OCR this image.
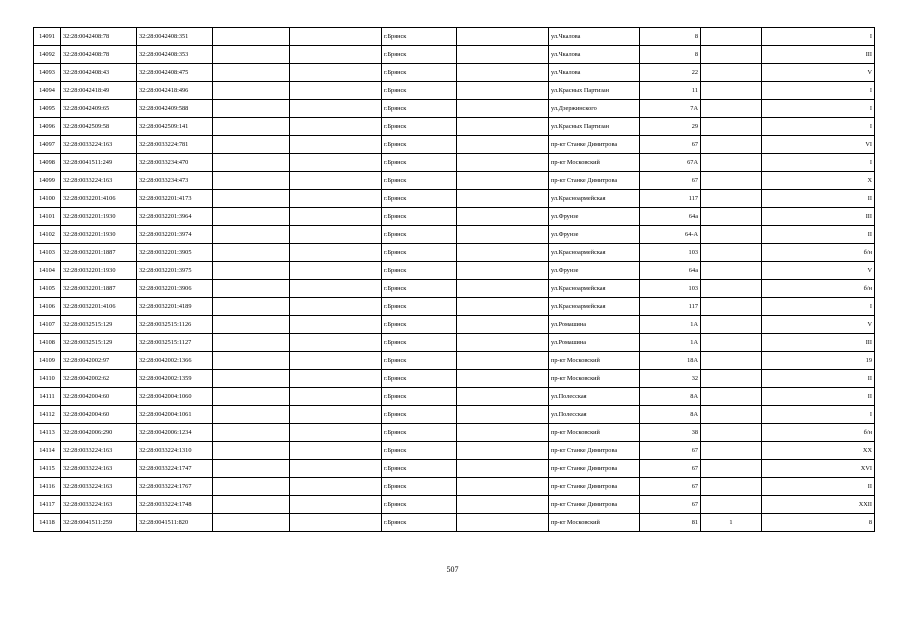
14091	32:28:0042408:78	32:28:0042408:351			г.Брянск		ул.Чкалова	8		I
14092	32:28:0042408:78	32:28:0042408:353			г.Брянск		ул.Чкалова	8		III
14093	32:28:0042408:43	32:28:0042408:475			г.Брянск		ул.Чкалова	22		V
14094	32:28:0042418:49	32:28:0042418:496			г.Брянск		ул.Красных Партизан	11		I
14095	32:28:0042409:65	32:28:0042409:588			г.Брянск		ул.Дзержинского	7А		I
14096	32:28:0042509:58	32:28:0042509:141			г.Брянск		ул.Красных Партизан	29		I
14097	32:28:0033224:163	32:28:0033224:781			г.Брянск		пр-кт Станке Димитрова	67		VI
14098	32:28:0041511:249	32:28:0033234:470			г.Брянск		пр-кт Московский	67А		I
14099	32:28:0033224:163	32:28:0033234:473			г.Брянск		пр-кт Станке Димитрова	67		X
14100	32:28:0032201:4106	32:28:0032201:4173			г.Брянск		ул.Красноармейская	117		II
14101	32:28:0032201:1930	32:28:0032201:3964			г.Брянск		ул.Фрунзе	64а		III
14102	32:28:0032201:1930	32:28:0032201:3974			г.Брянск		ул.Фрунзе	64-А		II
14103	32:28:0032201:1887	32:28:0032201:3905			г.Брянск		ул.Красноармейская	103		б/н
14104	32:28:0032201:1930	32:28:0032201:3975			г.Брянск		ул.Фрунзе	64а		V
14105	32:28:0032201:1887	32:28:0032201:3906			г.Брянск		ул.Красноармейская	103		б/н
14106	32:28:0032201:4106	32:28:0032201:4189			г.Брянск		ул.Красноармейская	117		I
14107	32:28:0032515:129	32:28:0032515:1126			г.Брянск		ул.Ромашина	1А		V
14108	32:28:0032515:129	32:28:0032515:1127			г.Брянск		ул.Ромашина	1А		III
14109	32:28:0042002:97	32:28:0042002:1366			г.Брянск		пр-кт Московский	18А		19
14110	32:28:0042002:62	32:28:0042002:1359			г.Брянск		пр-кт Московский	32		II
14111	32:28:0042004:60	32:28:0042004:1060			г.Брянск		ул.Полесская	8А		II
14112	32:28:0042004:60	32:28:0042004:1061			г.Брянск		ул.Полесская	8А		I
14113	32:28:0042006:290	32:28:0042006:1234			г.Брянск		пр-кт Московский	38		б/н
14114	32:28:0033224:163	32:28:0033224:1310			г.Брянск		пр-кт Станке Димитрова	67		XX
14115	32:28:0033224:163	32:28:0033224:1747			г.Брянск		пр-кт Станке Димитрова	67		XVI
14116	32:28:0033224:163	32:28:0033224:1767			г.Брянск		пр-кт Станке Димитрова	67		II
14117	32:28:0033224:163	32:28:0033224:1748			г.Брянск		пр-кт Станке Димитрова	67		XXII
14118	32:28:0041511:259	32:28:0041511:820			г.Брянск		пр-кт Московский	81	1	8
507
